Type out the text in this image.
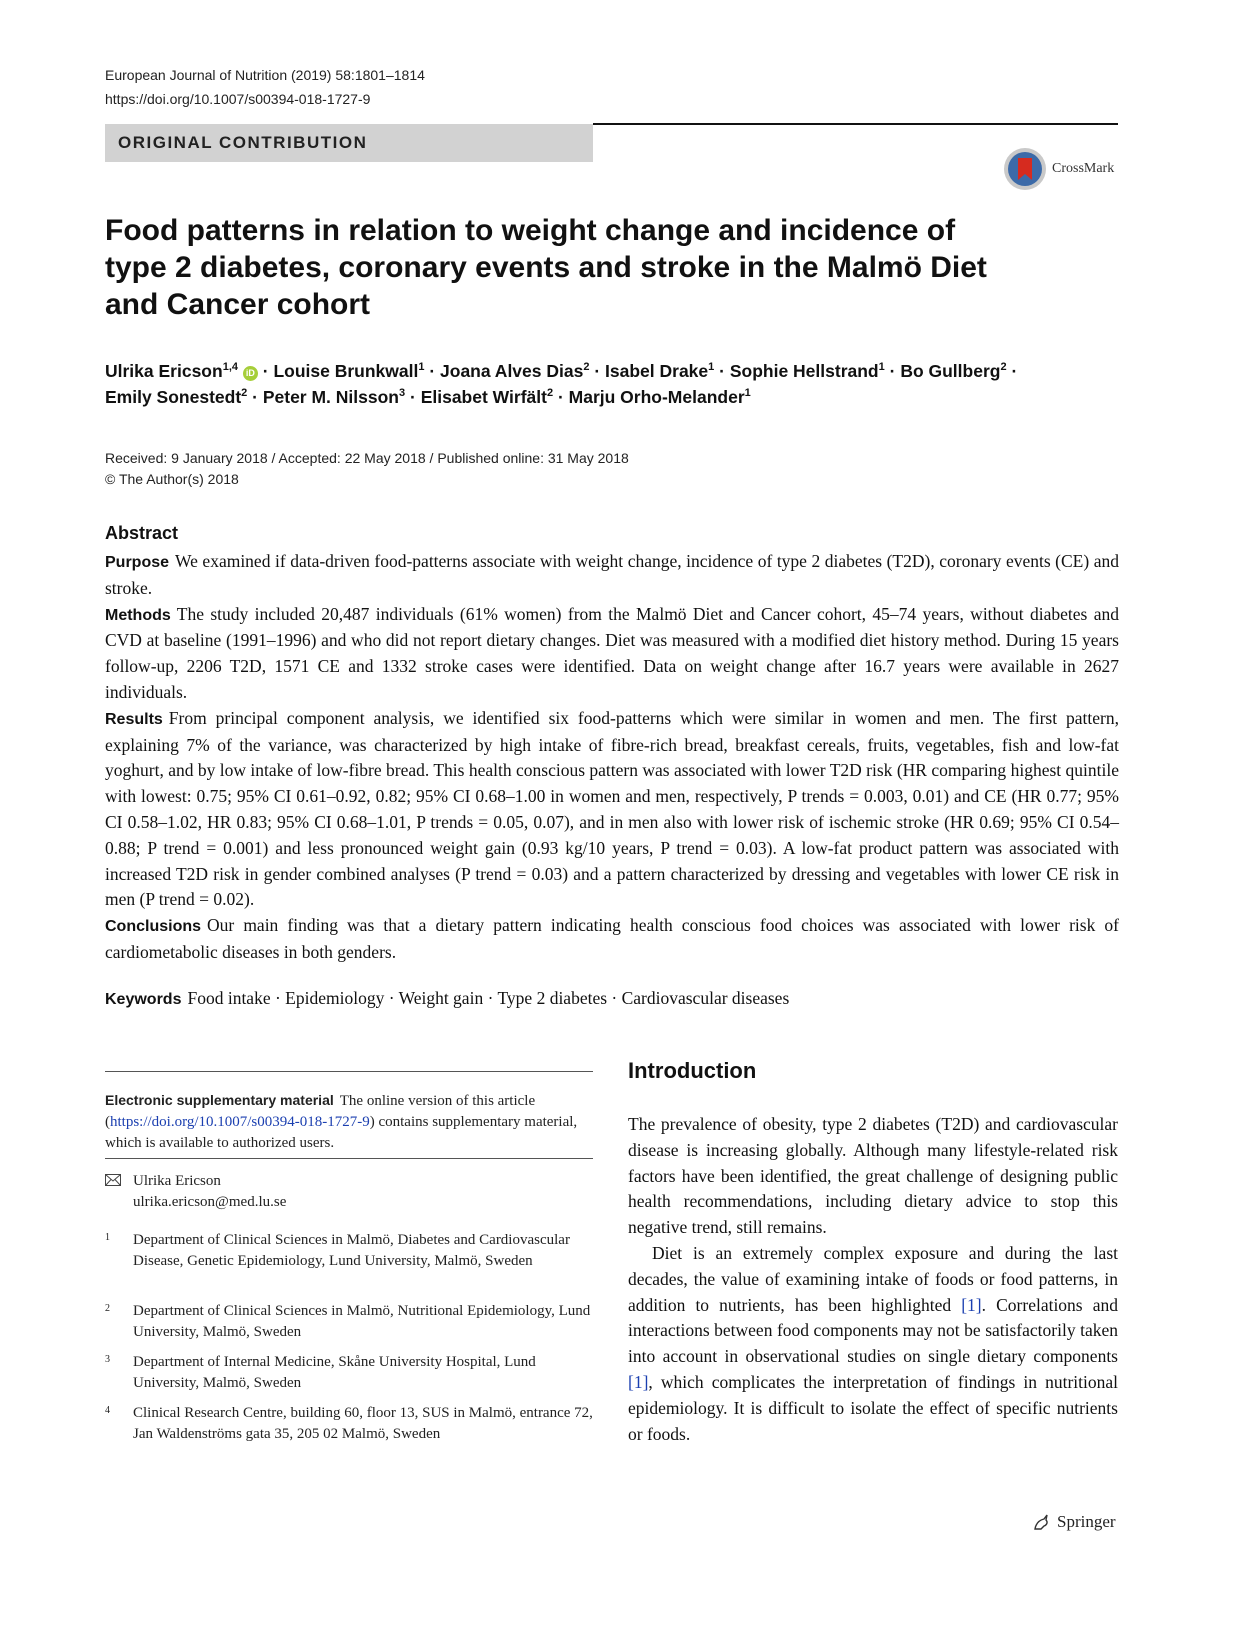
European Journal of Nutrition (2019) 58:1801–1814
https://doi.org/10.1007/s00394-018-1727-9
ORIGINAL CONTRIBUTION
CrossMark
Food patterns in relation to weight change and incidence of type 2 diabetes, coronary events and stroke in the Malmö Diet and Cancer cohort
Ulrika Ericson$^{1,4}$ iD · Louise Brunkwall$^1$ · Joana Alves Dias$^2$ · Isabel Drake$^1$ · Sophie Hellstrand$^1$ · Bo Gullberg$^2$ ·
Emily Sonestedt$^2$ · Peter M. Nilsson$^3$ · Elisabet Wirfält$^2$ · Marju Orho-Melander$^1$
Received: 9 January 2018 / Accepted: 22 May 2018 / Published online: 31 May 2018
© The Author(s) 2018
Abstract

Purpose We examined if data-driven food-patterns associate with weight change, incidence of type 2 diabetes (T2D), coronary events (CE) and stroke.

Methods The study included 20,487 individuals (61% women) from the Malmö Diet and Cancer cohort, 45–74 years, without diabetes and CVD at baseline (1991–1996) and who did not report dietary changes. Diet was measured with a modified diet history method. During 15 years follow-up, 2206 T2D, 1571 CE and 1332 stroke cases were identified. Data on weight change after 16.7 years were available in 2627 individuals.

Results From principal component analysis, we identified six food-patterns which were similar in women and men. The first pattern, explaining 7% of the variance, was characterized by high intake of fibre-rich bread, breakfast cereals, fruits, vegetables, fish and low-fat yoghurt, and by low intake of low-fibre bread. This health conscious pattern was associated with lower T2D risk (HR comparing highest quintile with lowest: 0.75; 95% CI 0.61–0.92, 0.82; 95% CI 0.68–1.00 in women and men, respectively, P trends = 0.003, 0.01) and CE (HR 0.77; 95% CI 0.58–1.02, HR 0.83; 95% CI 0.68–1.01, P trends = 0.05, 0.07), and in men also with lower risk of ischemic stroke (HR 0.69; 95% CI 0.54–0.88; P trend = 0.001) and less pronounced weight gain (0.93 kg/10 years, P trend = 0.03). A low-fat product pattern was associated with increased T2D risk in gender combined analyses (P trend = 0.03) and a pattern characterized by dressing and vegetables with lower CE risk in men (P trend = 0.02).

Conclusions Our main finding was that a dietary pattern indicating health conscious food choices was associated with lower risk of cardiometabolic diseases in both genders.

Keywords Food intake · Epidemiology · Weight gain · Type 2 diabetes · Cardiovascular diseases
Electronic supplementary material The online version of this article (https://doi.org/10.1007/s00394-018-1727-9) contains supplementary material, which is available to authorized users.
Ulrika Ericson
ulrika.ericson@med.lu.se
1 Department of Clinical Sciences in Malmö, Diabetes and Cardiovascular Disease, Genetic Epidemiology, Lund University, Malmö, Sweden
2 Department of Clinical Sciences in Malmö, Nutritional Epidemiology, Lund University, Malmö, Sweden
3 Department of Internal Medicine, Skåne University Hospital, Lund University, Malmö, Sweden
4 Clinical Research Centre, building 60, floor 13, SUS in Malmö, entrance 72, Jan Waldenströms gata 35, 205 02 Malmö, Sweden
Introduction

The prevalence of obesity, type 2 diabetes (T2D) and cardiovascular disease is increasing globally. Although many lifestyle-related risk factors have been identified, the great challenge of designing public health recommendations, including dietary advice to stop this negative trend, still remains.

Diet is an extremely complex exposure and during the last decades, the value of examining intake of foods or food patterns, in addition to nutrients, has been highlighted [1]. Correlations and interactions between food components may not be satisfactorily taken into account in observational studies on single dietary components [1], which complicates the interpretation of findings in nutritional epidemiology. It is difficult to isolate the effect of specific nutrients or foods.

Springer
